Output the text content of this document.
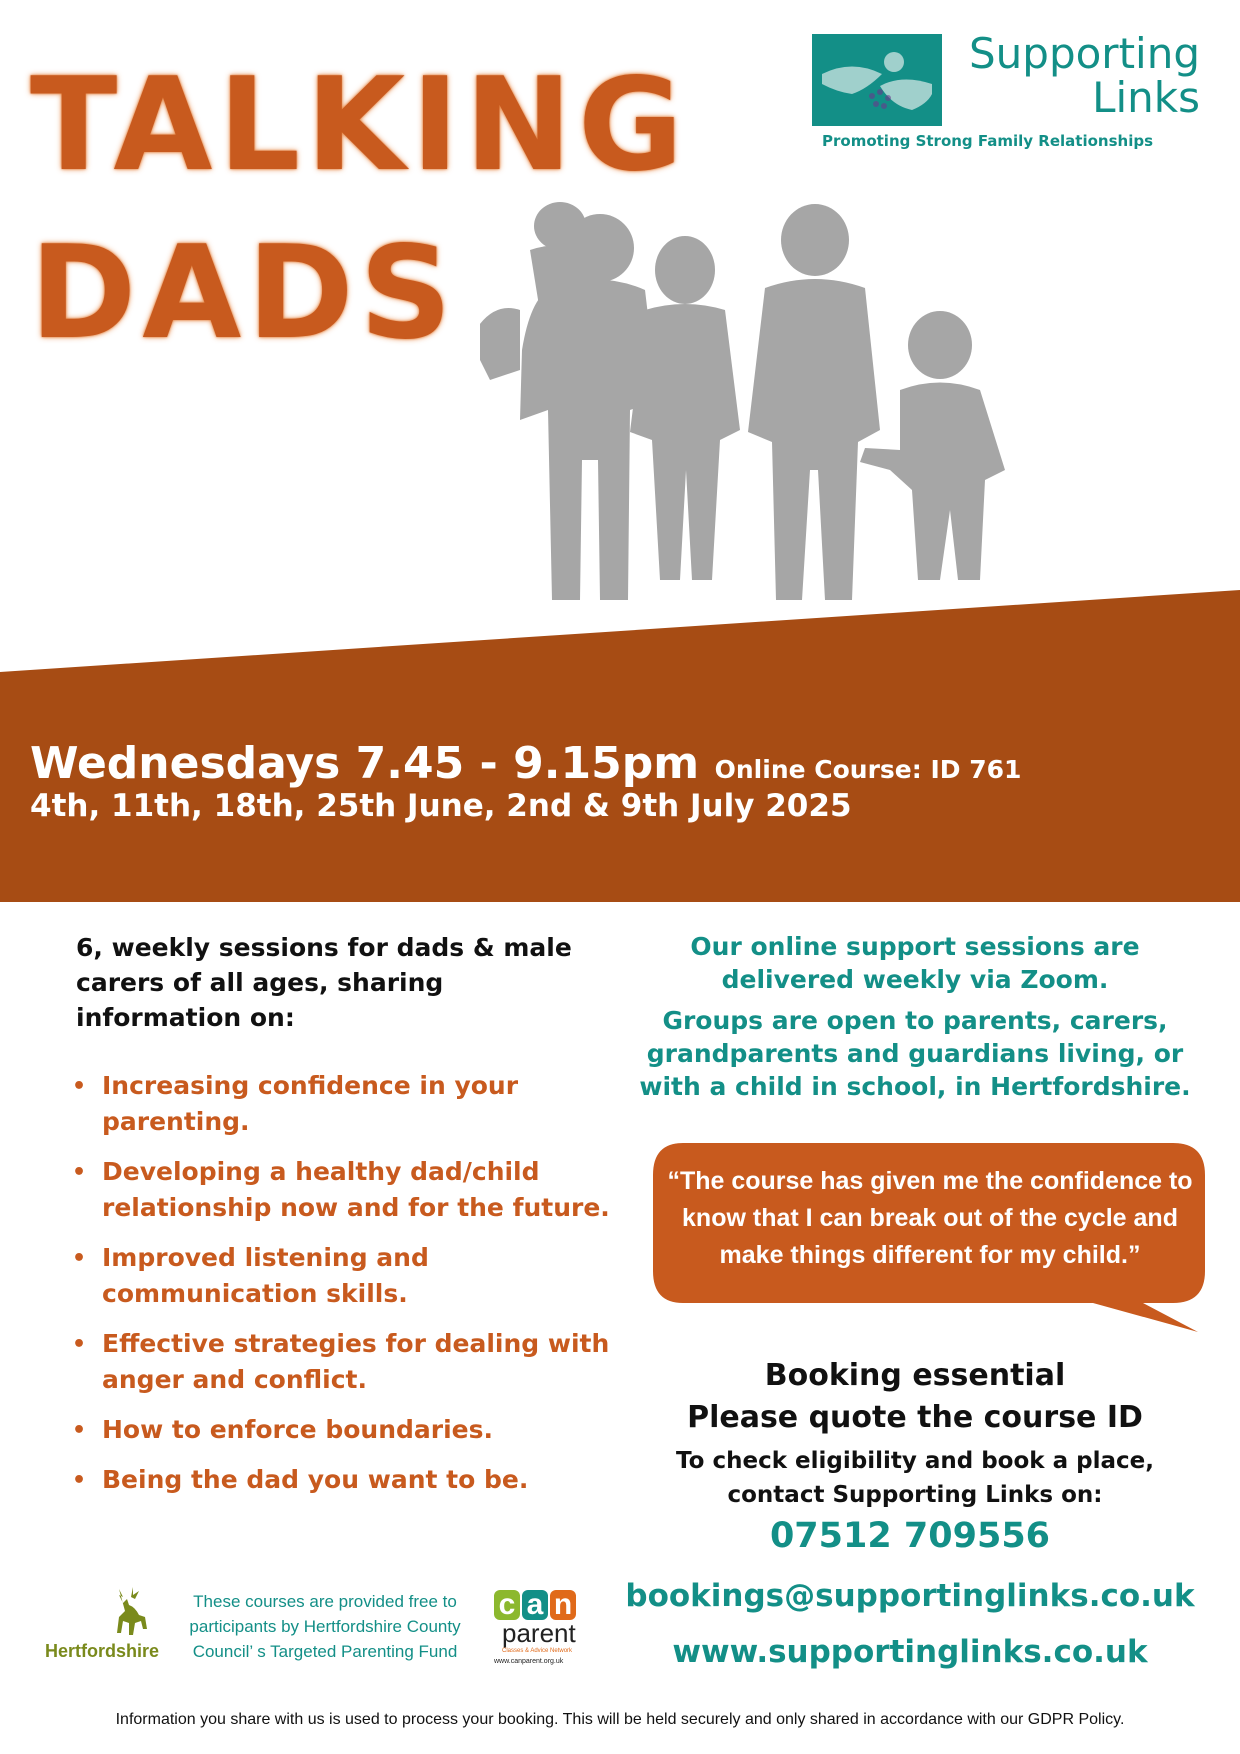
TALKING
DADS
Supporting
Links
Promoting Strong Family Relationships
Wednesdays 7.45 - 9.15pm Online Course: ID 761
4th, 11th, 18th, 25th June, 2nd & 9th July 2025
6, weekly sessions for dads & male carers of all ages, sharing information on:
• Increasing confidence in your parenting.
• Developing a healthy dad/child relationship now and for the future.
• Improved listening and communication skills.
• Effective strategies for dealing with anger and conflict.
• How to enforce boundaries.
• Being the dad you want to be.
Our online support sessions are delivered weekly via Zoom.
Groups are open to parents, carers, grandparents and guardians living, or with a child in school, in Hertfordshire.
“The course has given me the confidence to know that I can break out of the cycle and make things different for my child.”
Booking essential
Please quote the course ID
To check eligibility and book a place, contact Supporting Links on:
07512 709556
bookings@supportinglinks.co.uk
www.supportinglinks.co.uk
Hertfordshire
These courses are provided free to participants by Hertfordshire County Council’ s Targeted Parenting Fund
c a n
parent
Classes & Advice Network
www.canparent.org.uk
Information you share with us is used to process your booking. This will be held securely and only shared in accordance with our GDPR Policy.
